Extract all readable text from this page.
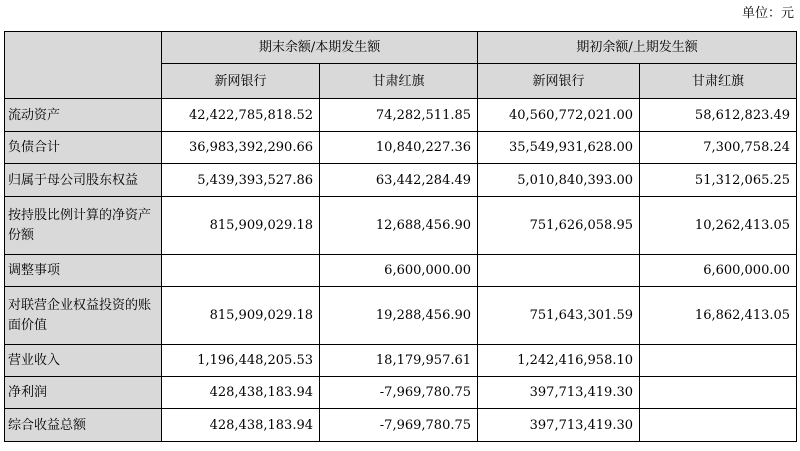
单位：元
	期末余额/本期发生额		期初余额/上期发生额	
	新网银行	甘肃红旗	新网银行	甘肃红旗
流动资产	42,422,785,818.52	74,282,511.85	40,560,772,021.00	58,612,823.49
负债合计	36,983,392,290.66	10,840,227.36	35,549,931,628.00	7,300,758.24
归属于母公司股东权益	5,439,393,527.86	63,442,284.49	5,010,840,393.00	51,312,065.25
按持股比例计算的净资产份额	815,909,029.18	12,688,456.90	751,626,058.95	10,262,413.05
调整事项		6,600,000.00		6,600,000.00
对联营企业权益投资的账面价值	815,909,029.18	19,288,456.90	751,643,301.59	16,862,413.05
营业收入	1,196,448,205.53	18,179,957.61	1,242,416,958.10	
净利润	428,438,183.94	-7,969,780.75	397,713,419.30	
综合收益总额	428,438,183.94	-7,969,780.75	397,713,419.30	
